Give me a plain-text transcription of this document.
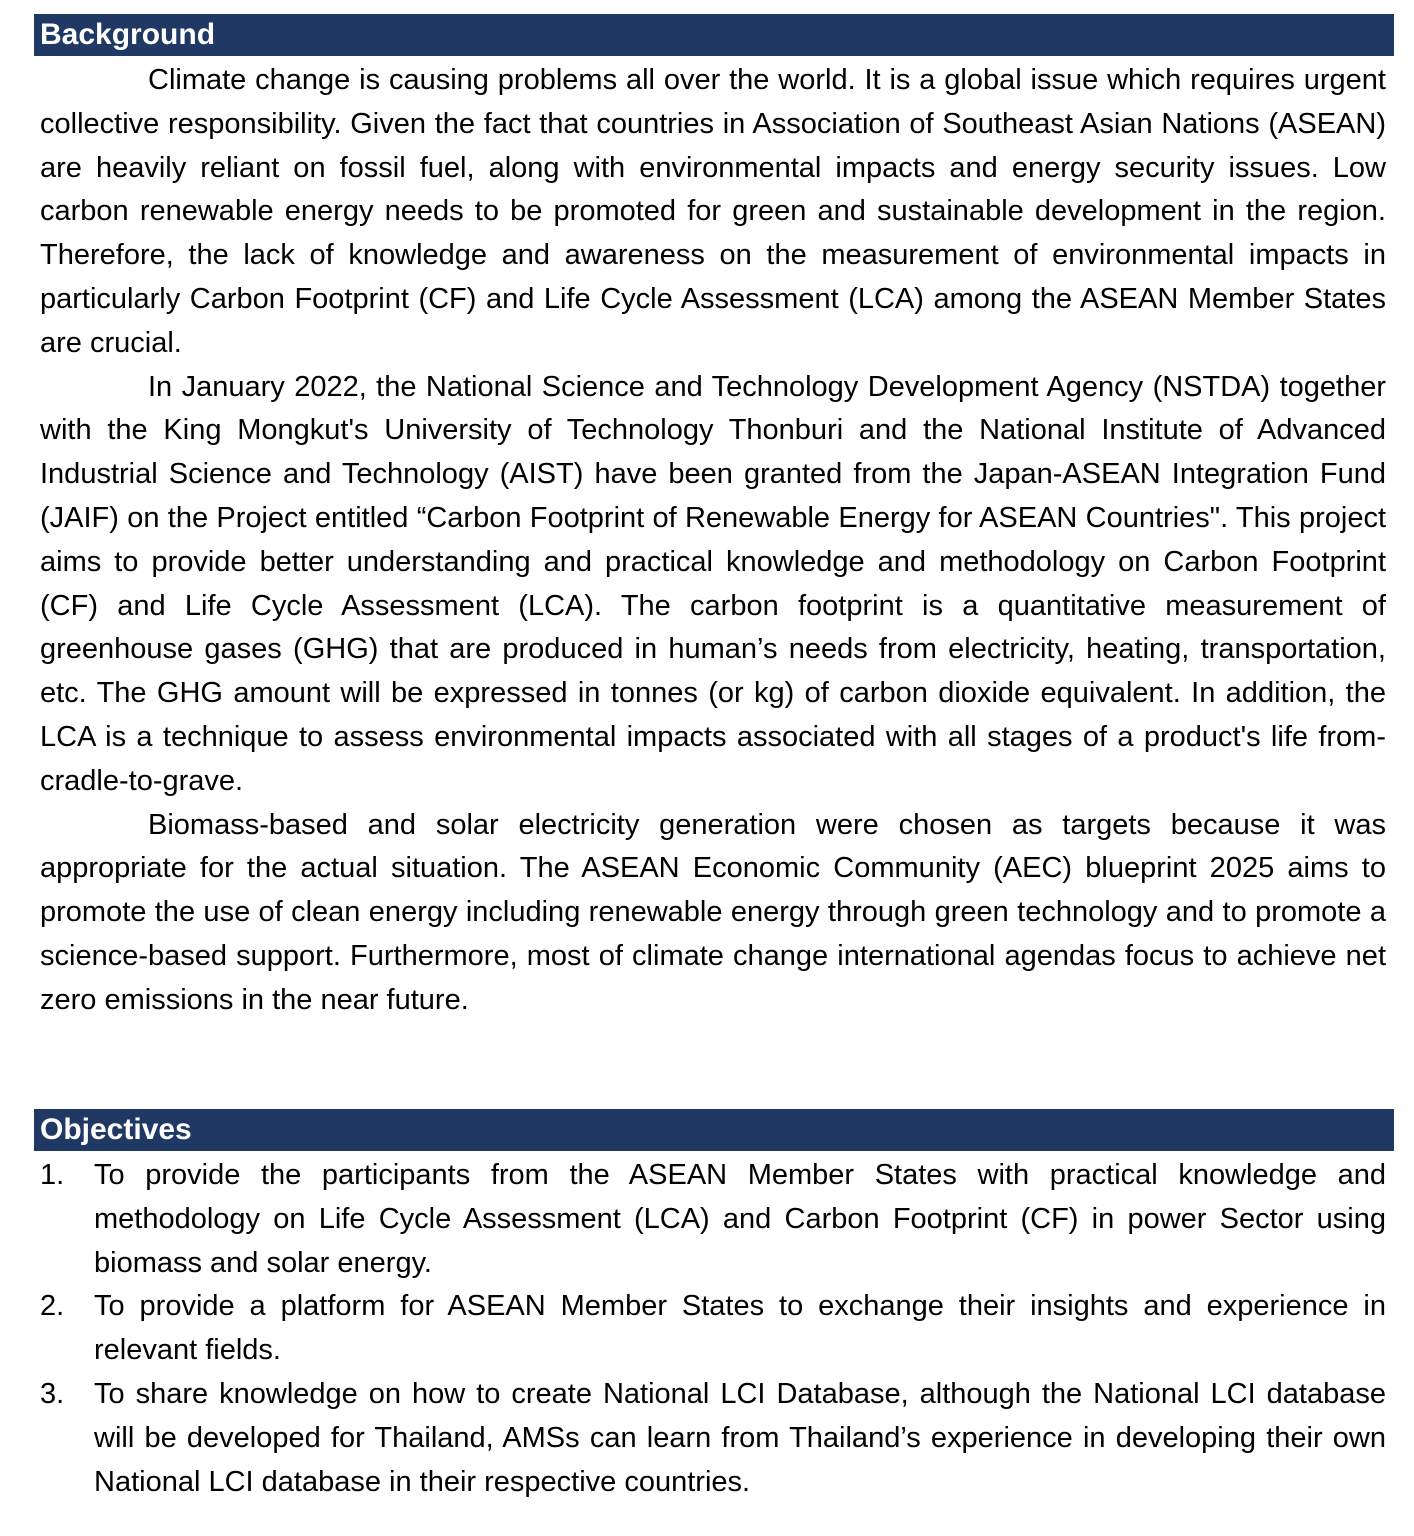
Background

Climate change is causing problems all over the world. It is a global issue which requires urgent collective responsibility. Given the fact that countries in Association of Southeast Asian Nations (ASEAN) are heavily reliant on fossil fuel, along with environmental impacts and energy security issues. Low carbon renewable energy needs to be promoted for green and sustainable development in the region. Therefore, the lack of knowledge and awareness on the measurement of environmental impacts in particularly Carbon Footprint (CF) and Life Cycle Assessment (LCA) among the ASEAN Member States are crucial.

In January 2022, the National Science and Technology Development Agency (NSTDA) together with the King Mongkut's University of Technology Thonburi and the National Institute of Advanced Industrial Science and Technology (AIST) have been granted from the Japan-ASEAN Integration Fund (JAIF) on the Project entitled “Carbon Footprint of Renewable Energy for ASEAN Countries". This project aims to provide better understanding and practical knowledge and methodology on Carbon Footprint (CF) and Life Cycle Assessment (LCA). The carbon footprint is a quantitative measurement of greenhouse gases (GHG) that are produced in human’s needs from electricity, heating, transportation, etc. The GHG amount will be expressed in tonnes (or kg) of carbon dioxide equivalent. In addition, the LCA is a technique to assess environmental impacts associated with all stages of a product's life from-cradle-to-grave.

Biomass-based and solar electricity generation were chosen as targets because it was appropriate for the actual situation. The ASEAN Economic Community (AEC) blueprint 2025 aims to promote the use of clean energy including renewable energy through green technology and to promote a science-based support. Furthermore, most of climate change international agendas focus to achieve net zero emissions in the near future.

Objectives
1. To provide the participants from the ASEAN Member States with practical knowledge and methodology on Life Cycle Assessment (LCA) and Carbon Footprint (CF) in power Sector using biomass and solar energy.
2. To provide a platform for ASEAN Member States to exchange their insights and experience in relevant fields.
3. To share knowledge on how to create National LCI Database, although the National LCI database will be developed for Thailand, AMSs can learn from Thailand’s experience in developing their own National LCI database in their respective countries.
